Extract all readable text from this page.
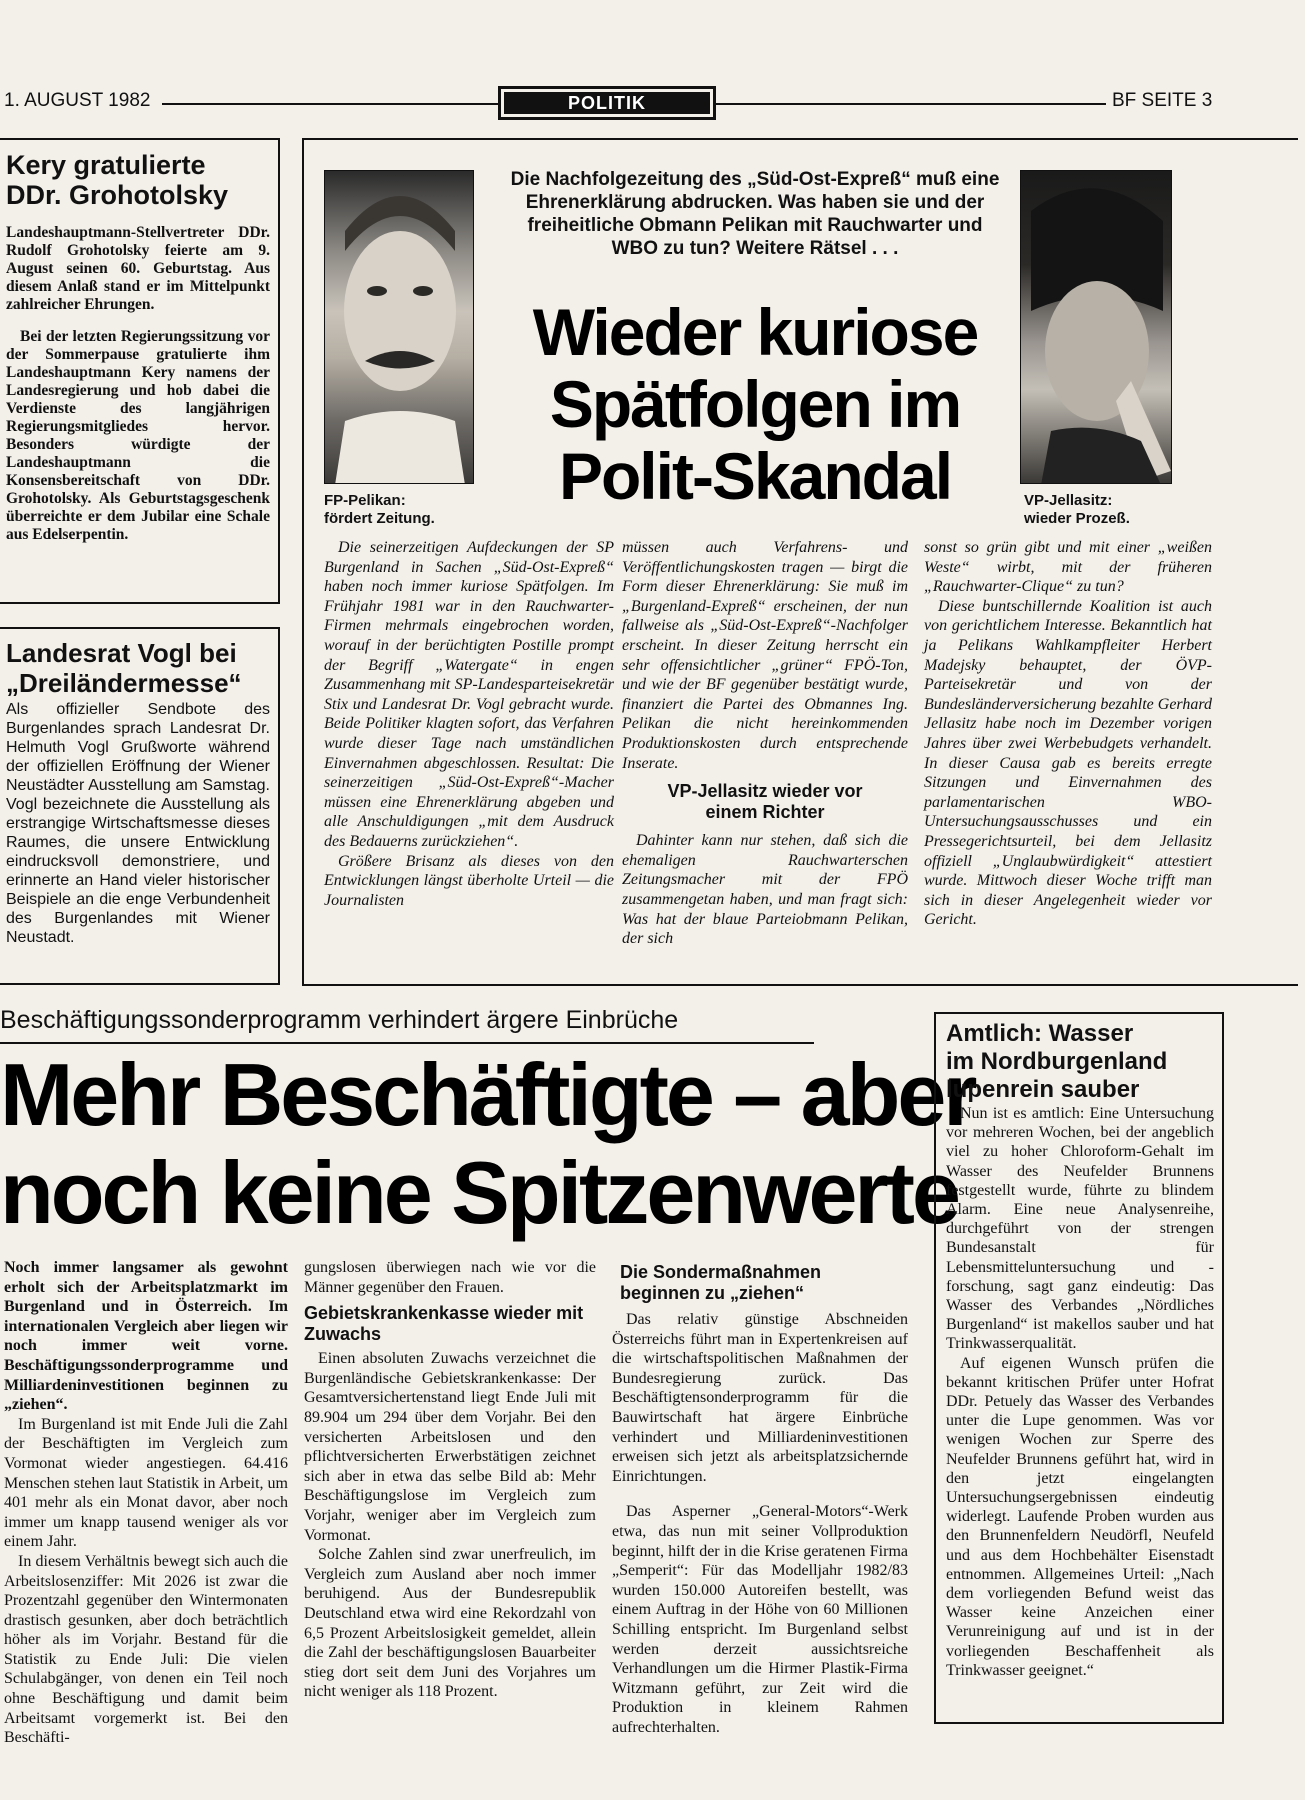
1. AUGUST 1982	POLITIK	BF SEITE 3
Kery gratulierte
DDr. Grohotolsky

Landeshauptmann-Stellvertreter DDr. Rudolf Grohotolsky feierte am 9. August seinen 60. Geburtstag. Aus diesem Anlaß stand er im Mittelpunkt zahlreicher Ehrungen.

Bei der letzten Regierungssitzung vor der Sommerpause gratulierte ihm Landeshauptmann Kery namens der Landesregierung und hob dabei die Verdienste des langjährigen Regierungsmitgliedes hervor. Besonders würdigte der Landeshauptmann die Konsensbereitschaft von DDr. Grohotolsky. Als Geburtstagsgeschenk überreichte er dem Jubilar eine Schale aus Edelserpentin.

Landesrat Vogl bei
„Dreiländermesse“

Als offizieller Sendbote des Burgenlandes sprach Landesrat Dr. Helmuth Vogl Grußworte während der offiziellen Eröffnung der Wiener Neustädter Ausstellung am Samstag. Vogl bezeichnete die Ausstellung als erstrangige Wirtschaftsmesse dieses Raumes, die unsere Entwicklung eindrucksvoll demonstriere, und erinnerte an Hand vieler historischer Beispiele an die enge Verbundenheit des Burgenlandes mit Wiener Neustadt.

FP-Pelikan:
fördert Zeitung.
VP-Jellasitz:
wieder Prozeß.
Die Nachfolgezeitung des „Süd-Ost-Expreß“ muß eine Ehrenerklärung abdrucken. Was haben sie und der freiheitliche Obmann Pelikan mit Rauchwarter und WBO zu tun? Weitere Rätsel . . .
Wieder kuriose
Spätfolgen im
Polit-Skandal

Die seinerzeitigen Aufdeckungen der SP Burgenland in Sachen „Süd-Ost-Expreß“ haben noch immer kuriose Spätfolgen. Im Frühjahr 1981 war in den Rauchwarter-Firmen mehrmals eingebrochen worden, worauf in der berüchtigten Postille prompt der Begriff „Watergate“ in engen Zusammenhang mit SP-Landesparteisekretär Stix und Landesrat Dr. Vogl gebracht wurde. Beide Politiker klagten sofort, das Verfahren wurde dieser Tage nach umständlichen Einvernahmen abgeschlossen. Resultat: Die seinerzeitigen „Süd-Ost-Expreß“-Macher müssen eine Ehrenerklärung abgeben und alle Anschuldigungen „mit dem Ausdruck des Bedauerns zurückziehen“.

Größere Brisanz als dieses von den Entwicklungen längst überholte Urteil — die Journalisten

müssen auch Verfahrens- und Veröffentlichungskosten tragen — birgt die Form dieser Ehrenerklärung: Sie muß im „Burgenland-Expreß“ erscheinen, der nun fallweise als „Süd-Ost-Expreß“-Nachfolger erscheint. In dieser Zeitung herrscht ein sehr offensichtlicher „grüner“ FPÖ-Ton, und wie der BF gegenüber bestätigt wurde, finanziert die Partei des Obmannes Ing. Pelikan die nicht hereinkommenden Produktionskosten durch entsprechende Inserate.

VP-Jellasitz wieder vor einem Richter

Dahinter kann nur stehen, daß sich die ehemaligen Rauchwarterschen Zeitungsmacher mit der FPÖ zusammengetan haben, und man fragt sich: Was hat der blaue Parteiobmann Pelikan, der sich

sonst so grün gibt und mit einer „weißen Weste“ wirbt, mit der früheren „Rauchwarter-Clique“ zu tun?

Diese buntschillernde Koalition ist auch von gerichtlichem Interesse. Bekanntlich hat ja Pelikans Wahlkampfleiter Herbert Madejsky behauptet, der ÖVP-Parteisekretär und von der Bundesländerversicherung bezahlte Gerhard Jellasitz habe noch im Dezember vorigen Jahres über zwei Werbebudgets verhandelt. In dieser Causa gab es bereits erregte Sitzungen und Einvernahmen des parlamentarischen WBO-Untersuchungsausschusses und ein Pressegerichtsurteil, bei dem Jellasitz offiziell „Unglaubwürdigkeit“ attestiert wurde. Mittwoch dieser Woche trifft man sich in dieser Angelegenheit wieder vor Gericht.

Beschäftigungssonderprogramm verhindert ärgere Einbrüche
Mehr Beschäftigte – aber
noch keine Spitzenwerte

Noch immer langsamer als gewohnt erholt sich der Arbeitsplatzmarkt im Burgenland und in Österreich. Im internationalen Vergleich aber liegen wir noch immer weit vorne. Beschäftigungssonderprogramme und Milliardeninvestitionen beginnen zu „ziehen“.

Im Burgenland ist mit Ende Juli die Zahl der Beschäftigten im Vergleich zum Vormonat wieder angestiegen. 64.416 Menschen stehen laut Statistik in Arbeit, um 401 mehr als ein Monat davor, aber noch immer um knapp tausend weniger als vor einem Jahr.

In diesem Verhältnis bewegt sich auch die Arbeitslosenziffer: Mit 2026 ist zwar die Prozentzahl gegenüber den Wintermonaten drastisch gesunken, aber doch beträchtlich höher als im Vorjahr. Bestand für die Statistik zu Ende Juli: Die vielen Schulabgänger, von denen ein Teil noch ohne Beschäftigung und damit beim Arbeitsamt vorgemerkt ist. Bei den Beschäfti-

gungslosen überwiegen nach wie vor die Männer gegenüber den Frauen.

Gebietskrankenkasse wieder mit Zuwachs

Einen absoluten Zuwachs verzeichnet die Burgenländische Gebietskrankenkasse: Der Gesamtversichertenstand liegt Ende Juli mit 89.904 um 294 über dem Vorjahr. Bei den versicherten Arbeitslosen und den pflichtversicherten Erwerbstätigen zeichnet sich aber in etwa das selbe Bild ab: Mehr Beschäftigungslose im Vergleich zum Vorjahr, weniger aber im Vergleich zum Vormonat.

Solche Zahlen sind zwar unerfreulich, im Vergleich zum Ausland aber noch immer beruhigend. Aus der Bundesrepublik Deutschland etwa wird eine Rekordzahl von 6,5 Prozent Arbeitslosigkeit gemeldet, allein die Zahl der beschäftigungslosen Bauarbeiter stieg dort seit dem Juni des Vorjahres um nicht weniger als 118 Prozent.

Die Sondermaßnahmen beginnen zu „ziehen“

Das relativ günstige Abschneiden Österreichs führt man in Expertenkreisen auf die wirtschaftspolitischen Maßnahmen der Bundesregierung zurück. Das Beschäftigtensonderprogramm für die Bauwirtschaft hat ärgere Einbrüche verhindert und Milliardeninvestitionen erweisen sich jetzt als arbeitsplatzsichernde Einrichtungen.

Das Asperner „General-Motors“-Werk etwa, das nun mit seiner Vollproduktion beginnt, hilft der in die Krise geratenen Firma „Semperit“: Für das Modelljahr 1982/83 wurden 150.000 Autoreifen bestellt, was einem Auftrag in der Höhe von 60 Millionen Schilling entspricht. Im Burgenland selbst werden derzeit aussichtsreiche Verhandlungen um die Hirmer Plastik-Firma Witzmann geführt, zur Zeit wird die Produktion in kleinem Rahmen aufrechterhalten.

Amtlich: Wasser
im Nordburgenland
lupenrein sauber

Nun ist es amtlich: Eine Untersuchung vor mehreren Wochen, bei der angeblich viel zu hoher Chloroform-Gehalt im Wasser des Neufelder Brunnens festgestellt wurde, führte zu blindem Alarm. Eine neue Analysenreihe, durchgeführt von der strengen Bundesanstalt für Lebensmitteluntersuchung und -forschung, sagt ganz eindeutig: Das Wasser des Verbandes „Nördliches Burgenland“ ist makellos sauber und hat Trinkwasserqualität.

Auf eigenen Wunsch prüfen die bekannt kritischen Prüfer unter Hofrat DDr. Petuely das Wasser des Verbandes unter die Lupe genommen. Was vor wenigen Wochen zur Sperre des Neufelder Brunnens geführt hat, wird in den jetzt eingelangten Untersuchungsergebnissen eindeutig widerlegt. Laufende Proben wurden aus den Brunnenfeldern Neudörfl, Neufeld und aus dem Hochbehälter Eisenstadt entnommen. Allgemeines Urteil: „Nach dem vorliegenden Befund weist das Wasser keine Anzeichen einer Verunreinigung auf und ist in der vorliegenden Beschaffenheit als Trinkwasser geeignet.“
